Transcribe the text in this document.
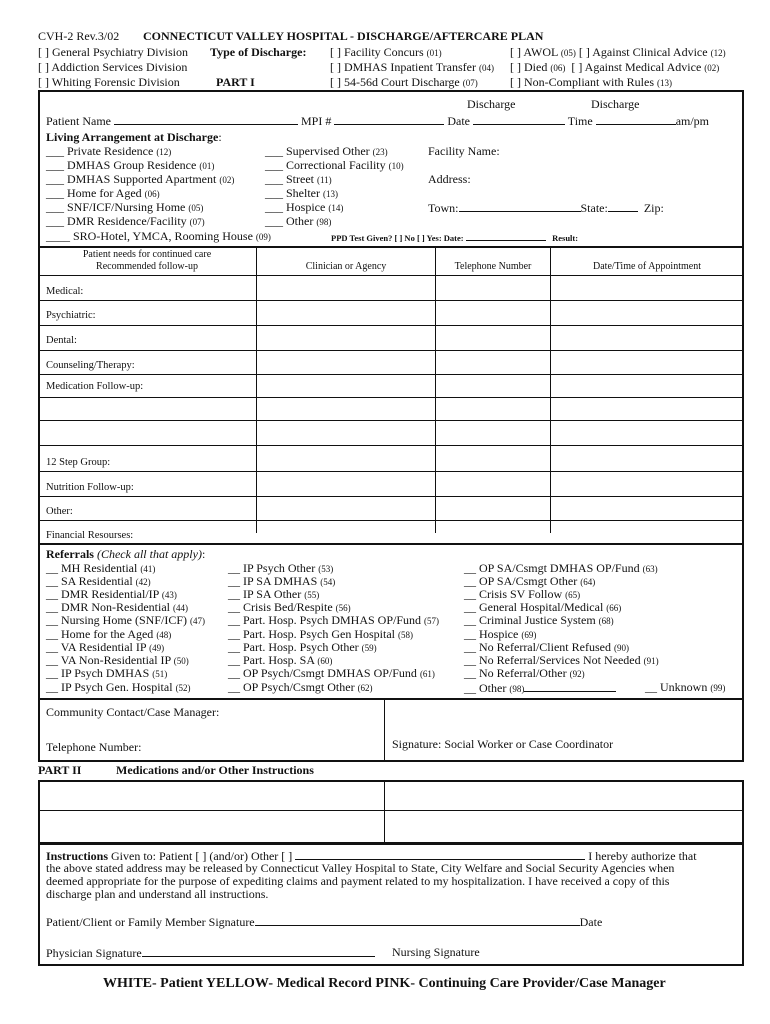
CVH-2 Rev.3/02 CONNECTICUT VALLEY HOSPITAL - DISCHARGE/AFTERCARE PLAN
[ ] General Psychiatry Division
[ ] Addiction Services Division
[ ] Whiting Forensic Division
Type of Discharge:
PART I
[ ] Facility Concurs (01)
[ ] DMHAS Inpatient Transfer (04)
[ ] 54-56d Court Discharge (07)
[ ] AWOL (05) [ ] Against Clinical Advice (12)
[ ] Died (06) [ ] Against Medical Advice (02)
[ ] Non-Compliant with Rules (13)
Discharge	Discharge
Patient Name	MPI #	Date	Time	am/pm
Living Arrangement at Discharge:
___ Private Residence (12)
___ DMHAS Group Residence (01)
___ DMHAS Supported Apartment (02)
___ Home for Aged (06)
___ SNF/ICF/Nursing Home (05)
___ DMR Residence/Facility (07)
____ SRO-Hotel, YMCA, Rooming House (09)
___ Supervised Other (23)
___ Correctional Facility (10)
___ Street (11)
___ Shelter (13)
___ Hospice (14)
___ Other (98)
Facility Name:
Address:
Town:	State:	Zip:
PPD Test Given? [ ] No [ ] Yes: Date:	Result:
Patient needs for continued care
Recommended follow-up	Clinician or Agency	Telephone Number	Date/Time of Appointment
Medical:
Psychiatric:
Dental:
Counseling/Therapy:
Medication Follow-up:
12 Step Group:
Nutrition Follow-up:
Other:
Financial Resourses:
Referrals (Check all that apply):
__ MH Residential (41)
__ SA Residential (42)
__ DMR Residential/IP (43)
__ DMR Non-Residential (44)
__ Nursing Home (SNF/ICF) (47)
__ Home for the Aged (48)
__ VA Residential IP (49)
__ VA Non-Residential IP (50)
__ IP Psych DMHAS (51)
__ IP Psych Gen. Hospital (52)
__ IP Psych Other (53)
__ IP SA DMHAS (54)
__ IP SA Other (55)
__ Crisis Bed/Respite (56)
__ Part. Hosp. Psych DMHAS OP/Fund (57)
__ Part. Hosp. Psych Gen Hospital (58)
__ Part. Hosp. Psych Other (59)
__ Part. Hosp. SA (60)
__ OP Psych/Csmgt DMHAS OP/Fund (61)
__ OP Psych/Csmgt Other (62)
__ OP SA/Csmgt DMHAS OP/Fund (63)
__ OP SA/Csmgt Other (64)
__ Crisis SV Follow (65)
__ General Hospital/Medical (66)
__ Criminal Justice System (68)
__ Hospice (69)
__ No Referral/Client Refused (90)
__ No Referral/Services Not Needed (91)
__ No Referral/Other (92)
__ Other (98)	__ Unknown (99)
Community Contact/Case Manager:
Telephone Number:	Signature: Social Worker or Case Coordinator
PART II	Medications and/or Other Instructions
Instructions Given to: Patient [ ] (and/or) Other [ ]	I hereby authorize that
the above stated address may be released by Connecticut Valley Hospital to State, City Welfare and Social Security Agencies when
deemed appropriate for the purpose of expediting claims and payment related to my hospitalization. I have received a copy of this
discharge plan and understand all instructions.
Patient/Client or Family Member Signature	Date
Physician Signature	Nursing Signature
WHITE- Patient YELLOW- Medical Record PINK- Continuing Care Provider/Case Manager
